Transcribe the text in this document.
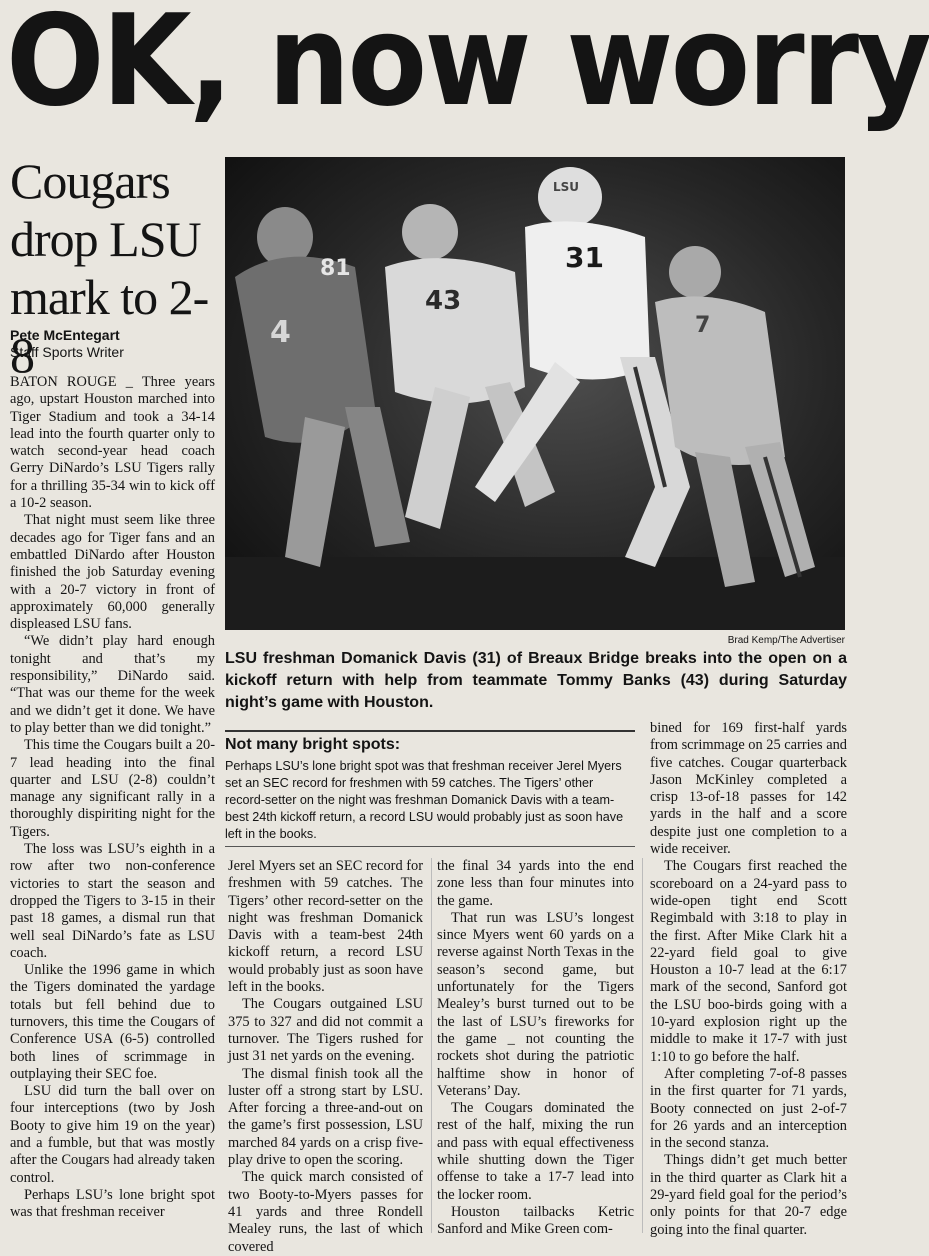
OK, now worry
Cougars drop LSU mark to 2-8
Pete McEntegart
Staff Sports Writer
81
4
43
LSU
31
7
Brad Kemp/The Advertiser
LSU freshman Domanick Davis (31) of Breaux Bridge breaks into the open on a kickoff return with help from teammate Tommy Banks (43) during Saturday night’s game with Houston.
Not many bright spots:
Perhaps LSU’s lone bright spot was that freshman receiver Jerel Myers set an SEC record for freshmen with 59 catches. The Tigers’ other record-setter on the night was freshman Domanick Davis with a team-best 24th kickoff return, a record LSU would probably just as soon have left in the books.

BATON ROUGE _ Three years ago, upstart Houston marched into Tiger Stadium and took a 34-14 lead into the fourth quarter only to watch second-year head coach Gerry DiNardo’s LSU Tigers rally for a thrilling 35-34 win to kick off a 10-2 season.

That night must seem like three decades ago for Tiger fans and an embattled DiNardo after Houston finished the job Saturday evening with a 20-7 victory in front of approximately 60,000 generally displeased LSU fans.

“We didn’t play hard enough tonight and that’s my responsibility,” DiNardo said. “That was our theme for the week and we didn’t get it done. We have to play better than we did tonight.”

This time the Cougars built a 20-7 lead heading into the final quarter and LSU (2-8) couldn’t manage any significant rally in a thoroughly dispiriting night for the Tigers.

The loss was LSU’s eighth in a row after two non-conference victories to start the season and dropped the Tigers to 3-15 in their past 18 games, a dismal run that well seal DiNardo’s fate as LSU coach.

Unlike the 1996 game in which the Tigers dominated the yardage totals but fell behind due to turnovers, this time the Cougars of Conference USA (6-5) controlled both lines of scrimmage in outplaying their SEC foe.

LSU did turn the ball over on four interceptions (two by Josh Booty to give him 19 on the year) and a fumble, but that was mostly after the Cougars had already taken control.

Perhaps LSU’s lone bright spot was that freshman receiver

Jerel Myers set an SEC record for freshmen with 59 catches. The Tigers’ other record-setter on the night was freshman Domanick Davis with a team-best 24th kickoff return, a record LSU would probably just as soon have left in the books.

The Cougars outgained LSU 375 to 327 and did not commit a turnover. The Tigers rushed for just 31 net yards on the evening.

The dismal finish took all the luster off a strong start by LSU. After forcing a three-and-out on the game’s first possession, LSU marched 84 yards on a crisp five-play drive to open the scoring.

The quick march consisted of two Booty-to-Myers passes for 41 yards and three Rondell Mealey runs, the last of which covered

the final 34 yards into the end zone less than four minutes into the game.

That run was LSU’s longest since Myers went 60 yards on a reverse against North Texas in the season’s second game, but unfortunately for the Tigers Mealey’s burst turned out to be the last of LSU’s fireworks for the game _ not counting the rockets shot during the patriotic halftime show in honor of Veterans’ Day.

The Cougars dominated the rest of the half, mixing the run and pass with equal effectiveness while shutting down the Tiger offense to take a 17-7 lead into the locker room.

Houston tailbacks Ketric Sanford and Mike Green com-

bined for 169 first-half yards from scrimmage on 25 carries and five catches. Cougar quarterback Jason McKinley completed a crisp 13-of-18 passes for 142 yards in the half and a score despite just one completion to a wide receiver.

The Cougars first reached the scoreboard on a 24-yard pass to wide-open tight end Scott Regimbald with 3:18 to play in the first. After Mike Clark hit a 22-yard field goal to give Houston a 10-7 lead at the 6:17 mark of the second, Sanford got the LSU boo-birds going with a 10-yard explosion right up the middle to make it 17-7 with just 1:10 to go before the half.

After completing 7-of-8 passes in the first quarter for 71 yards, Booty connected on just 2-of-7 for 26 yards and an interception in the second stanza.

Things didn’t get much better in the third quarter as Clark hit a 29-yard field goal for the period’s only points for that 20-7 edge going into the final quarter.
